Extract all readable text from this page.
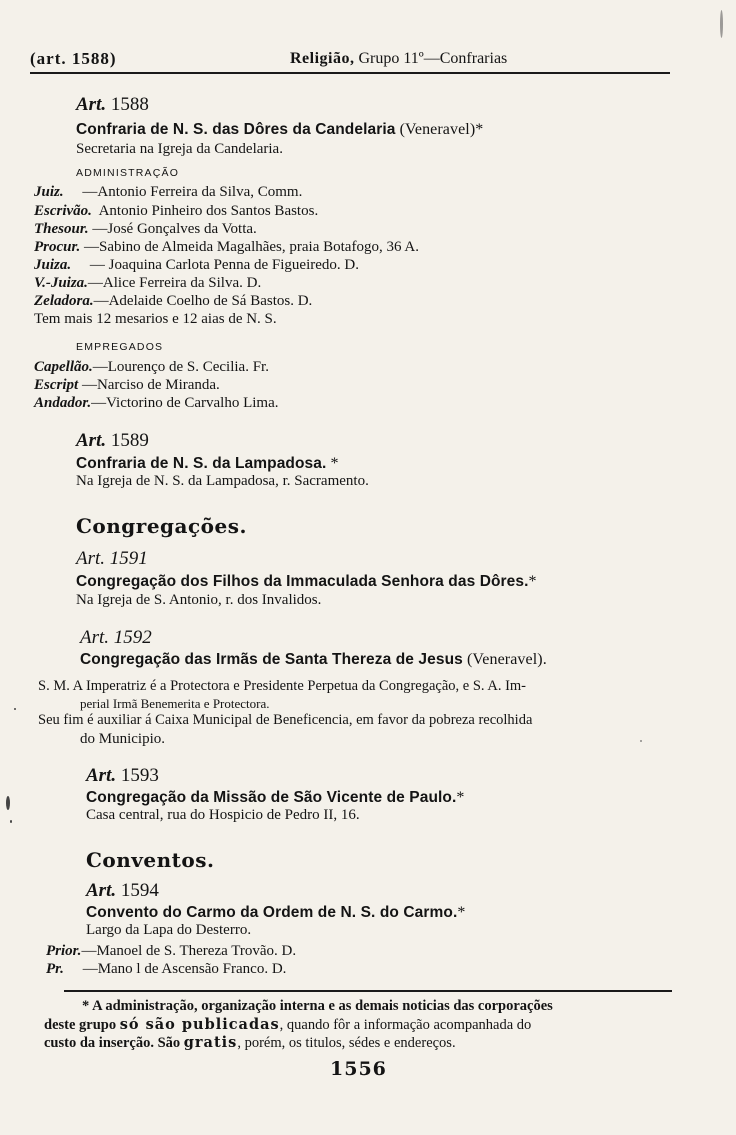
(art. 1588)	Religião, Grupo 11º—Confrarias
Art. 1588
Confraria de N. S. das Dôres da Candelaria (Veneravel)*
Secretaria na Igreja da Candelaria.
ADMINISTRAÇÃO
Juiz.     —Antonio Ferreira da Silva, Comm.
Escrivão.  Antonio Pinheiro dos Santos Bastos.
Thesour. —José Gonçalves da Votta.
Procur. —Sabino de Almeida Magalhães, praia Botafogo, 36 A.
Juiza.     — Joaquina Carlota Penna de Figueiredo. D.
V.-Juiza.—Alice Ferreira da Silva. D.
Zeladora.—Adelaide Coelho de Sá Bastos. D.
Tem mais 12 mesarios e 12 aias de N. S.
EMPREGADOS
Capellão.—Lourenço de S. Cecilia. Fr.
Escript —Narciso de Miranda.
Andador.—Victorino de Carvalho Lima.
Art. 1589
Confraria de N. S. da Lampadosa. *
Na Igreja de N. S. da Lampadosa, r. Sacramento.
Congregações.
Art. 1591
Congregação dos Filhos da Immaculada Senhora das Dôres.*
Na Igreja de S. Antonio, r. dos Invalidos.
Art. 1592
Congregação das Irmãs de Santa Thereza de Jesus (Veneravel).
S. M. A Imperatriz é a Protectora e Presidente Perpetua da Congregação, e S. A. Im-
perial Irmã Benemerita e Protectora.
Seu fim é auxiliar á Caixa Municipal de Beneficencia, em favor da pobreza recolhida
do Municipio.
Art. 1593
Congregação da Missão de São Vicente de Paulo.*
Casa central, rua do Hospicio de Pedro II, 16.
Conventos.
Art. 1594
Convento do Carmo da Ordem de N. S. do Carmo.*
Largo da Lapa do Desterro.
Prior.—Manoel de S. Thereza Trovão. D.
Pr.     —Mano l de Ascensão Franco. D.
* A administração, organização interna e as demais noticias das corporações
deste grupo só são publicadas, quando fôr a informação acompanhada do
custo da inserção. São gratis, porém, os titulos, sédes e endereços.
1556
